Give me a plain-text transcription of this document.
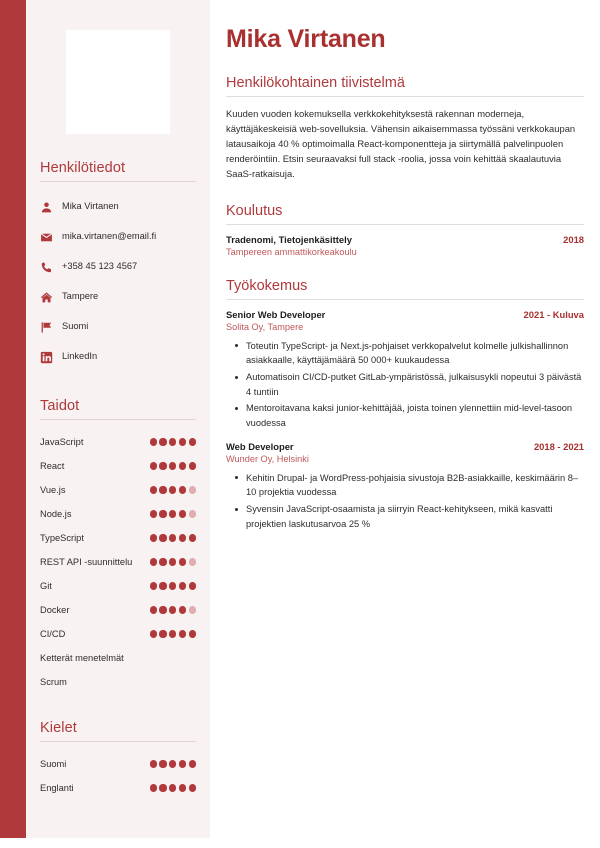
Henkilötiedot
Mika Virtanen
mika.virtanen@email.fi
+358 45 123 4567
Tampere
Suomi
LinkedIn
Taidot
JavaScript
React
Vue.js
Node.js
TypeScript
REST API -suunnittelu
Git
Docker
CI/CD
Ketterät menetelmät
Scrum
Kielet
Suomi
Englanti
Mika Virtanen
Henkilökohtainen tiivistelmä

Kuuden vuoden kokemuksella verkkokehityksestä rakennan moderneja, käyttäjäkeskeisiä web-sovelluksia. Vähensin aikaisemmassa työssäni verkkokaupan latausaikoja 40 % optimoimalla React-komponentteja ja siirtymällä palvelinpuolen renderöintiin. Etsin seuraavaksi full stack -roolia, jossa voin kehittää skaalautuvia SaaS-ratkaisuja.

Koulutus
Tradenomi, Tietojenkäsittely	2018
Tampereen ammattikorkeakoulu
Työkokemus
Senior Web Developer	2021 - Kuluva
Solita Oy, Tampere
Toteutin TypeScript- ja Next.js-pohjaiset verkkopalvelut kolmelle julkishallinnon asiakkaalle, käyttäjämäärä 50 000+ kuukaudessa
Automatisoin CI/CD-putket GitLab-ympäristössä, julkaisusykli nopeutui 3 päivästä 4 tuntiin
Mentoroitavana kaksi junior-kehittäjää, joista toinen ylennettiin mid-level-tasoon vuodessa
Web Developer	2018 - 2021
Wunder Oy, Helsinki
Kehitin Drupal- ja WordPress-pohjaisia sivustoja B2B-asiakkaille, keskimäärin 8–10 projektia vuodessa
Syvensin JavaScript-osaamista ja siirryin React-kehitykseen, mikä kasvatti projektien laskutusarvoa 25 %
